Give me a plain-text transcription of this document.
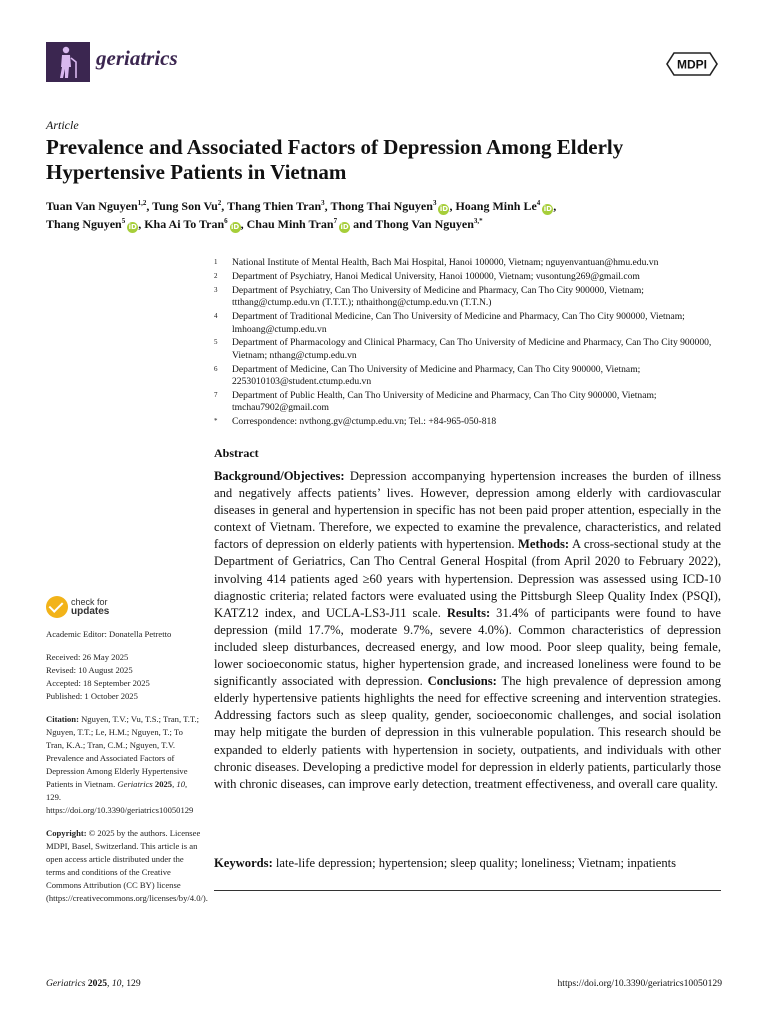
geriatrics	MDPI
Article
Prevalence and Associated Factors of Depression Among Elderly Hypertensive Patients in Vietnam
Tuan Van Nguyen$^{1,2}$, Tung Son Vu$^2$, Thang Thien Tran$^3$, Thong Thai Nguyen$^3$iD, Hoang Minh Le$^4$iD,
Thang Nguyen$^5$iD, Kha Ai To Tran$^6$iD, Chau Minh Tran$^7$iD and Thong Van Nguyen$^{3,*}$
1 National Institute of Mental Health, Bach Mai Hospital, Hanoi 100000, Vietnam; nguyenvantuan@hmu.edu.vn
2 Department of Psychiatry, Hanoi Medical University, Hanoi 100000, Vietnam; vusontung269@gmail.com
3 Department of Psychiatry, Can Tho University of Medicine and Pharmacy, Can Tho City 900000, Vietnam; ttthang@ctump.edu.vn (T.T.T.); nthaithong@ctump.edu.vn (T.T.N.)
4 Department of Traditional Medicine, Can Tho University of Medicine and Pharmacy, Can Tho City 900000, Vietnam; lmhoang@ctump.edu.vn
5 Department of Pharmacology and Clinical Pharmacy, Can Tho University of Medicine and Pharmacy, Can Tho City 900000, Vietnam; nthang@ctump.edu.vn
6 Department of Medicine, Can Tho University of Medicine and Pharmacy, Can Tho City 900000, Vietnam; 2253010103@student.ctump.edu.vn
7 Department of Public Health, Can Tho University of Medicine and Pharmacy, Can Tho City 900000, Vietnam; tmchau7902@gmail.com
* Correspondence: nvthong.gv@ctump.edu.vn; Tel.: +84-965-050-818
Abstract
Background/Objectives: Depression accompanying hypertension increases the burden of illness and negatively affects patients’ lives. However, depression among elderly with cardiovascular diseases in general and hypertension in specific has not been paid proper attention, especially in the context of Vietnam. Therefore, we expected to examine the prevalence, characteristics, and related factors of depression on elderly patients with hypertension. Methods: A cross-sectional study at the Department of Geriatrics, Can Tho Central General Hospital (from April 2020 to February 2022), involving 414 patients aged ≥60 years with hypertension. Depression was assessed using ICD-10 diagnostic criteria; related factors were evaluated using the Pittsburgh Sleep Quality Index (PSQI), KATZ12 index, and UCLA-LS3-J11 scale. Results: 31.4% of participants were found to have depression (mild 17.7%, moderate 9.7%, severe 4.0%). Common characteristics of depression included sleep disturbances, decreased energy, and low mood. Poor sleep quality, being female, lower socioeconomic status, higher hypertension grade, and increased loneliness were found to be significantly associated with depression. Conclusions: The high prevalence of depression among elderly hypertensive patients highlights the need for effective screening and intervention strategies. Addressing factors such as sleep quality, gender, socioeconomic challenges, and social isolation may help mitigate the burden of depression in this vulnerable population. This research should be expanded to elderly patients with hypertension in society, outpatients, and individuals with other chronic diseases. Developing a predictive model for depression in elderly patients, particularly those with chronic diseases, can improve early detection, treatment effectiveness, and overall care quality.
Keywords: late-life depression; hypertension; sleep quality; loneliness; Vietnam; inpatients
check for
updates

Academic Editor: Donatella Petretto

Received: 26 May 2025
Revised: 10 August 2025
Accepted: 18 September 2025
Published: 1 October 2025

Citation: Nguyen, T.V.; Vu, T.S.; Tran, T.T.; Nguyen, T.T.; Le, H.M.; Nguyen, T.; To Tran, K.A.; Tran, C.M.; Nguyen, T.V. Prevalence and Associated Factors of Depression Among Elderly Hypertensive Patients in Vietnam. Geriatrics 2025, 10, 129. https://doi.org/10.3390/geriatrics10050129

Copyright: © 2025 by the authors. Licensee MDPI, Basel, Switzerland. This article is an open access article distributed under the terms and conditions of the Creative Commons Attribution (CC BY) license (https://creativecommons.org/licenses/by/4.0/).

Geriatrics 2025, 10, 129	https://doi.org/10.3390/geriatrics10050129
